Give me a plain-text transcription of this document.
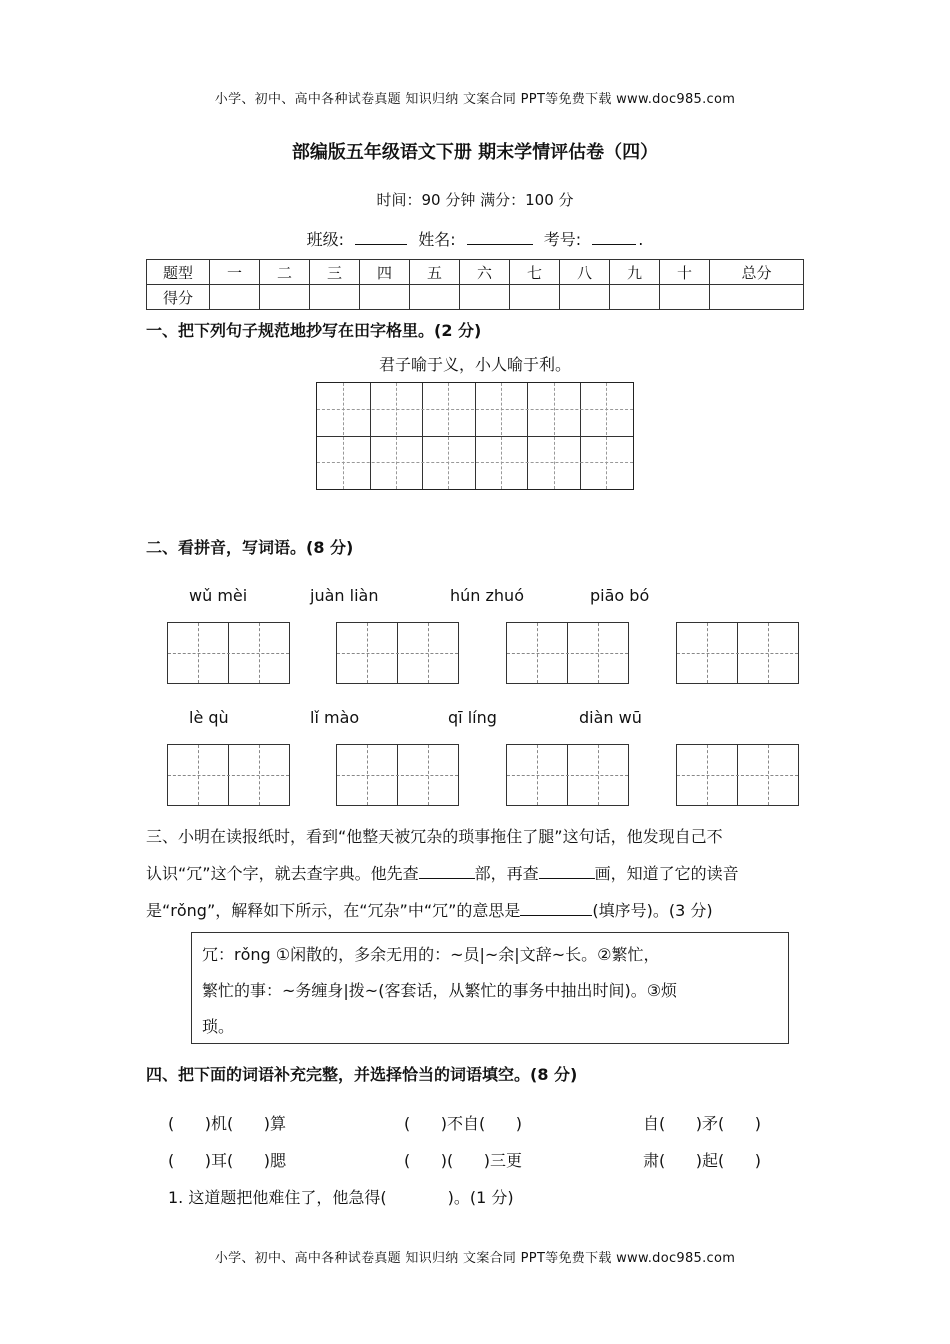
小学、初中、高中各种试卷真题 知识归纳 文案合同 PPT等免费下载 www.doc985.com
部编版五年级语文下册 期末学情评估卷（四）
时间：90 分钟 满分：100 分
班级:	姓名:	考号:	.
题型	一	二	三	四	五	六	七	八	九	十	总分
得分											
一、把下列句子规范地抄写在田字格里。(2 分)
君子喻于义，小人喻于利。
二、看拼音，写词语。(8 分)
wǔ mèi	juàn liàn	hún zhuó	piāo bó
lè qù	lǐ mào	qī líng	diàn wū
三、小明在读报纸时，看到“他整天被冗杂的琐事拖住了腿”这句话，他发现自己不
认识“冗”这个字，就去查字典。他先查	部，再查	画，知道了它的读音
是“rǒng”，解释如下所示，在“冗杂”中“冗”的意思是	(填序号)。(3 分)
冗：rǒng ①闲散的，多余无用的：~员|~余|文辞~长。②繁忙，
繁忙的事：~务缠身|拨~(客套话，从繁忙的事务中抽出时间)。③烦
琐。
四、把下面的词语补充完整，并选择恰当的词语填空。(8 分)
(      )机(      )算	(      )不自(      )	自(      )矛(      )
(      )耳(      )腮	(      )(      )三更	肃(      )起(      )
1. 这道题把他难住了，他急得(            )。(1 分)
小学、初中、高中各种试卷真题 知识归纳 文案合同 PPT等免费下载 www.doc985.com
